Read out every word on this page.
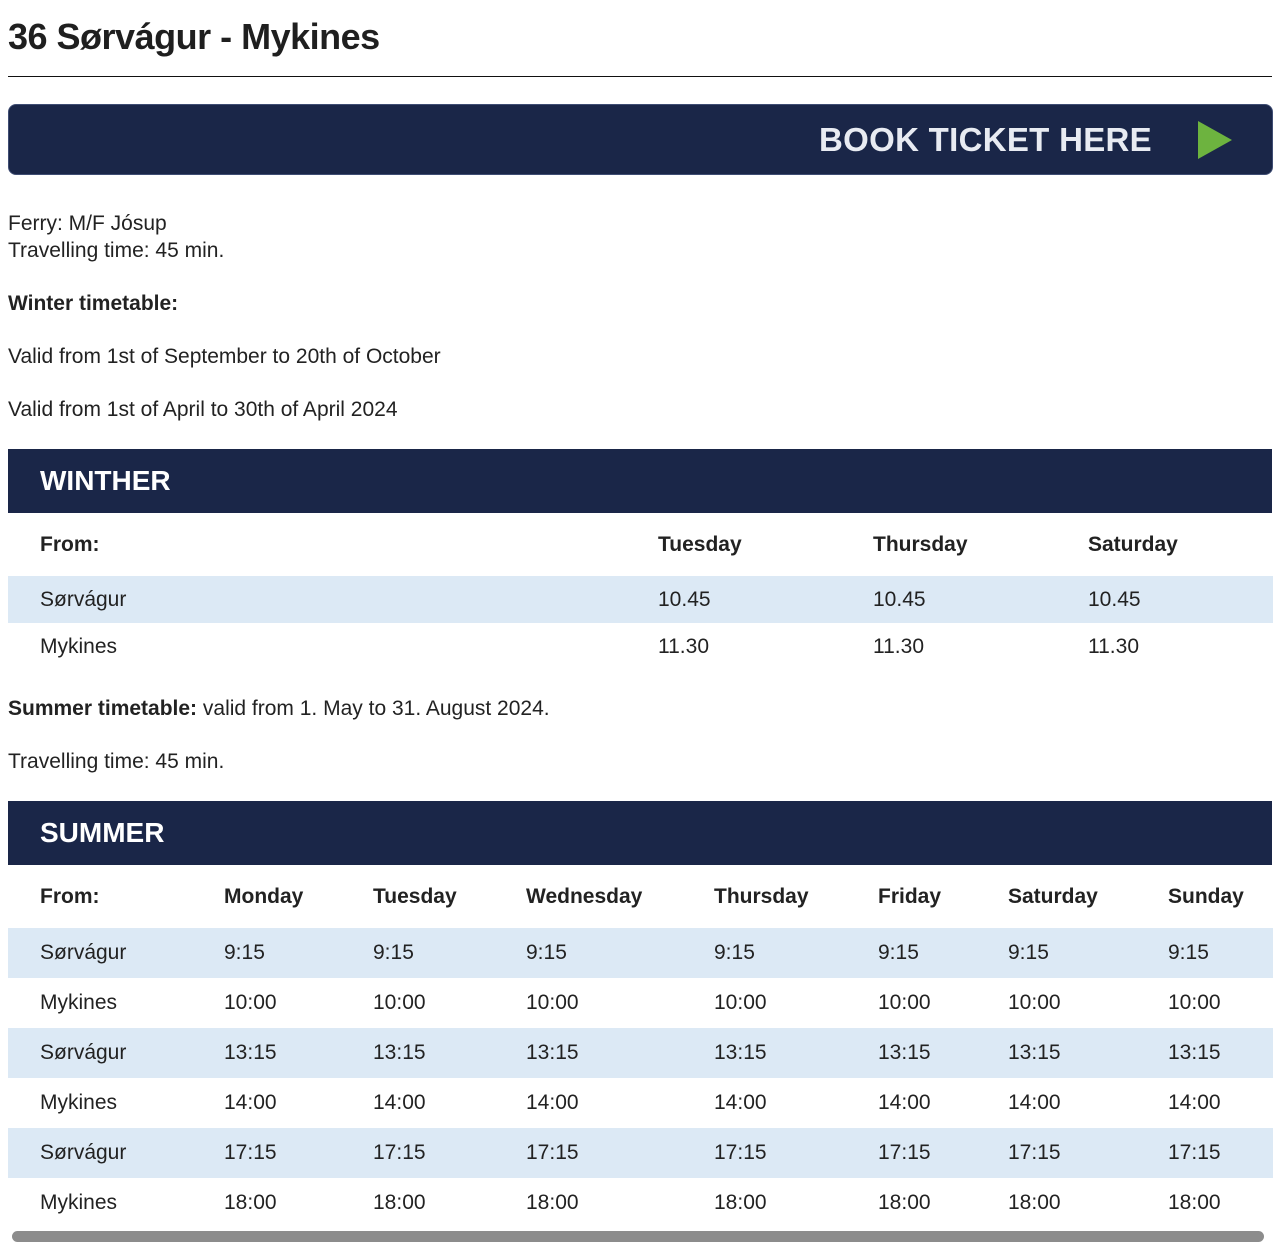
36 Sørvágur - Mykines
BOOK TICKET HERE

Ferry: M/F Jósup

Travelling time: 45 min.

Winter timetable:

Valid from 1st of September to 20th of October

Valid from 1st of April to 30th of April 2024

WINTHER
From:	Tuesday	Thursday	Saturday
Sørvágur	10.45	10.45	10.45
Mykines	11.30	11.30	11.30

Summer timetable: valid from 1. May to 31. August 2024.

Travelling time: 45 min.

SUMMER
From:	Monday	Tuesday	Wednesday	Thursday	Friday	Saturday	Sunday
Sørvágur	9:15	9:15	9:15	9:15	9:15	9:15	9:15
Mykines	10:00	10:00	10:00	10:00	10:00	10:00	10:00
Sørvágur	13:15	13:15	13:15	13:15	13:15	13:15	13:15
Mykines	14:00	14:00	14:00	14:00	14:00	14:00	14:00
Sørvágur	17:15	17:15	17:15	17:15	17:15	17:15	17:15
Mykines	18:00	18:00	18:00	18:00	18:00	18:00	18:00
